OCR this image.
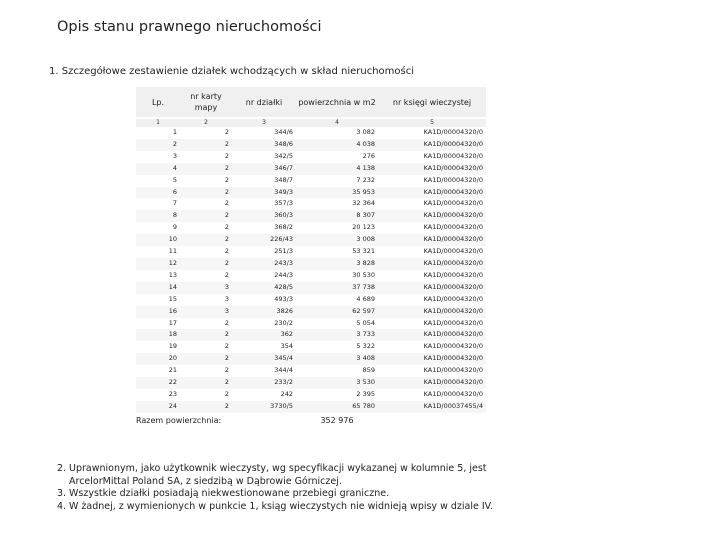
Opis stanu prawnego nieruchomości
1. Szczegółowe zestawienie działek wchodzących w skład nieruchomości
Lp.	nr karty mapy	nr działki	powierzchnia w m2	nr księgi wieczystej
1	2	3	4	5
1	2	344/6	3 082	KA1D/00004320/0
2	2	348/6	4 038	KA1D/00004320/0
3	2	342/5	276	KA1D/00004320/0
4	2	346/7	4 138	KA1D/00004320/0
5	2	348/7	7 232	KA1D/00004320/0
6	2	349/3	35 953	KA1D/00004320/0
7	2	357/3	32 364	KA1D/00004320/0
8	2	360/3	8 307	KA1D/00004320/0
9	2	368/2	20 123	KA1D/00004320/0
10	2	226/43	3 008	KA1D/00004320/0
11	2	251/3	53 321	KA1D/00004320/0
12	2	243/3	3 828	KA1D/00004320/0
13	2	244/3	30 530	KA1D/00004320/0
14	3	428/5	37 738	KA1D/00004320/0
15	3	493/3	4 689	KA1D/00004320/0
16	3	3826	62 597	KA1D/00004320/0
17	2	230/2	5 054	KA1D/00004320/0
18	2	362	3 733	KA1D/00004320/0
19	2	354	5 322	KA1D/00004320/0
20	2	345/4	3 408	KA1D/00004320/0
21	2	344/4	859	KA1D/00004320/0
22	2	233/2	3 530	KA1D/00004320/0
23	2	242	2 395	KA1D/00004320/0
24	2	3730/5	65 780	KA1D/00037455/4
Razem powierzchnia:			352 976	
2. Uprawnionym, jako użytkownik wieczysty, wg specyfikacji wykazanej w kolumnie 5, jest ArcelorMittal Poland SA, z siedzibą w Dąbrowie Górniczej.
3. Wszystkie działki posiadają niekwestionowane przebiegi graniczne.
4. W żadnej, z wymienionych w punkcie 1, ksiąg wieczystych nie widnieją wpisy w dziale IV.
